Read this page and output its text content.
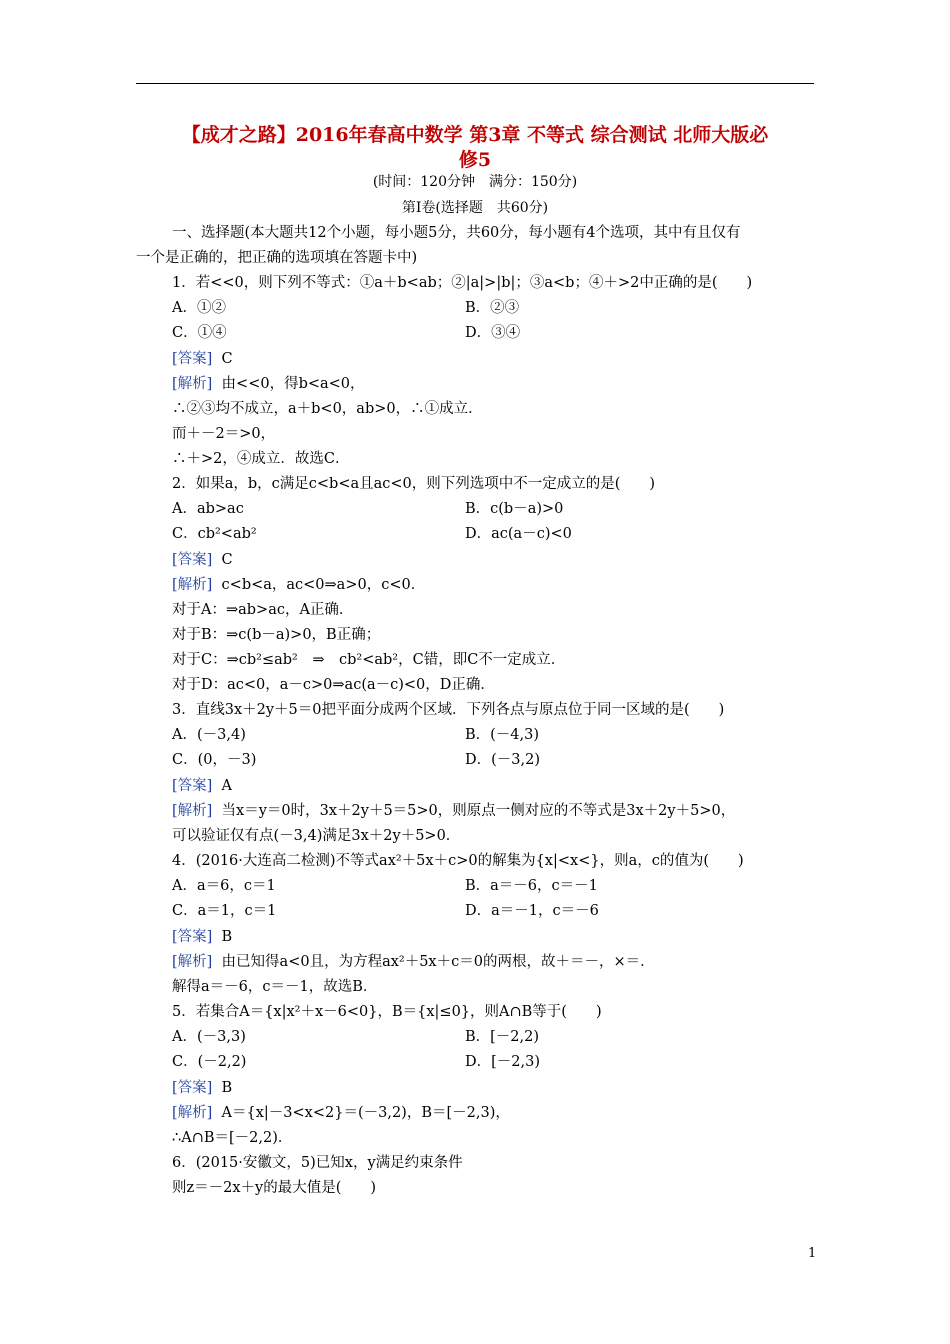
【成才之路】2016年春高中数学 第3章 不等式 综合测试 北师大版必
修5
(时间：120分钟　满分：150分)
第Ⅰ卷(选择题　共60分)
一、选择题(本大题共12个小题，每小题5分，共60分，每小题有4个选项，其中有且仅有
一个是正确的，把正确的选项填在答题卡中)
1．若<<0，则下列不等式：①a＋b<ab；②|a|>|b|；③a<b；④＋>2中正确的是(　　)
A．①②	B．②③
C．①④	D．③④
[答案] C
[解析] 由<<0，得b<a<0，
∴②③均不成立，a＋b<0，ab>0，∴①成立．
而＋－2＝>0，
∴＋>2，④成立．故选C．
2．如果a，b，c满足c<b<a且ac<0，则下列选项中不一定成立的是(　　)
A．ab>ac	B．c(b－a)>0
C．cb²<ab²	D．ac(a－c)<0
[答案] C
[解析] c<b<a，ac<0⇒a>0，c<0．
对于A：⇒ab>ac，A正确．
对于B：⇒c(b－a)>0，B正确；
对于C：⇒cb²≤ab²　⇒　cb²<ab²，C错，即C不一定成立．
对于D：ac<0，a－c>0⇒ac(a－c)<0，D正确．
3．直线3x＋2y＋5＝0把平面分成两个区域．下列各点与原点位于同一区域的是(　　)
A．(－3,4)	B．(－4,3)
C．(0，－3)	D．(－3,2)
[答案] A
[解析] 当x＝y＝0时，3x＋2y＋5＝5>0，则原点一侧对应的不等式是3x＋2y＋5>0，
可以验证仅有点(－3,4)满足3x＋2y＋5>0．
4．(2016·大连高二检测)不等式ax²＋5x＋c>0的解集为{x|<x<}，则a，c的值为(　　)
A．a＝6，c＝1	B．a＝－6，c＝－1
C．a＝1，c＝1	D．a＝－1，c＝－6
[答案] B
[解析] 由已知得a<0且，为方程ax²＋5x＋c＝0的两根，故＋＝－，×＝．
解得a＝－6，c＝－1，故选B．
5．若集合A＝{x|x²＋x－6<0}，B＝{x|≤0}，则A∩B等于(　　)
A．(－3,3)	B．[－2,2)
C．(－2,2)	D．[－2,3)
[答案] B
[解析] A＝{x|－3<x<2}＝(－3,2)，B＝[－2,3)，
∴A∩B＝[－2,2)．
6．(2015·安徽文，5)已知x，y满足约束条件
则z＝－2x＋y的最大值是(　　)
1
